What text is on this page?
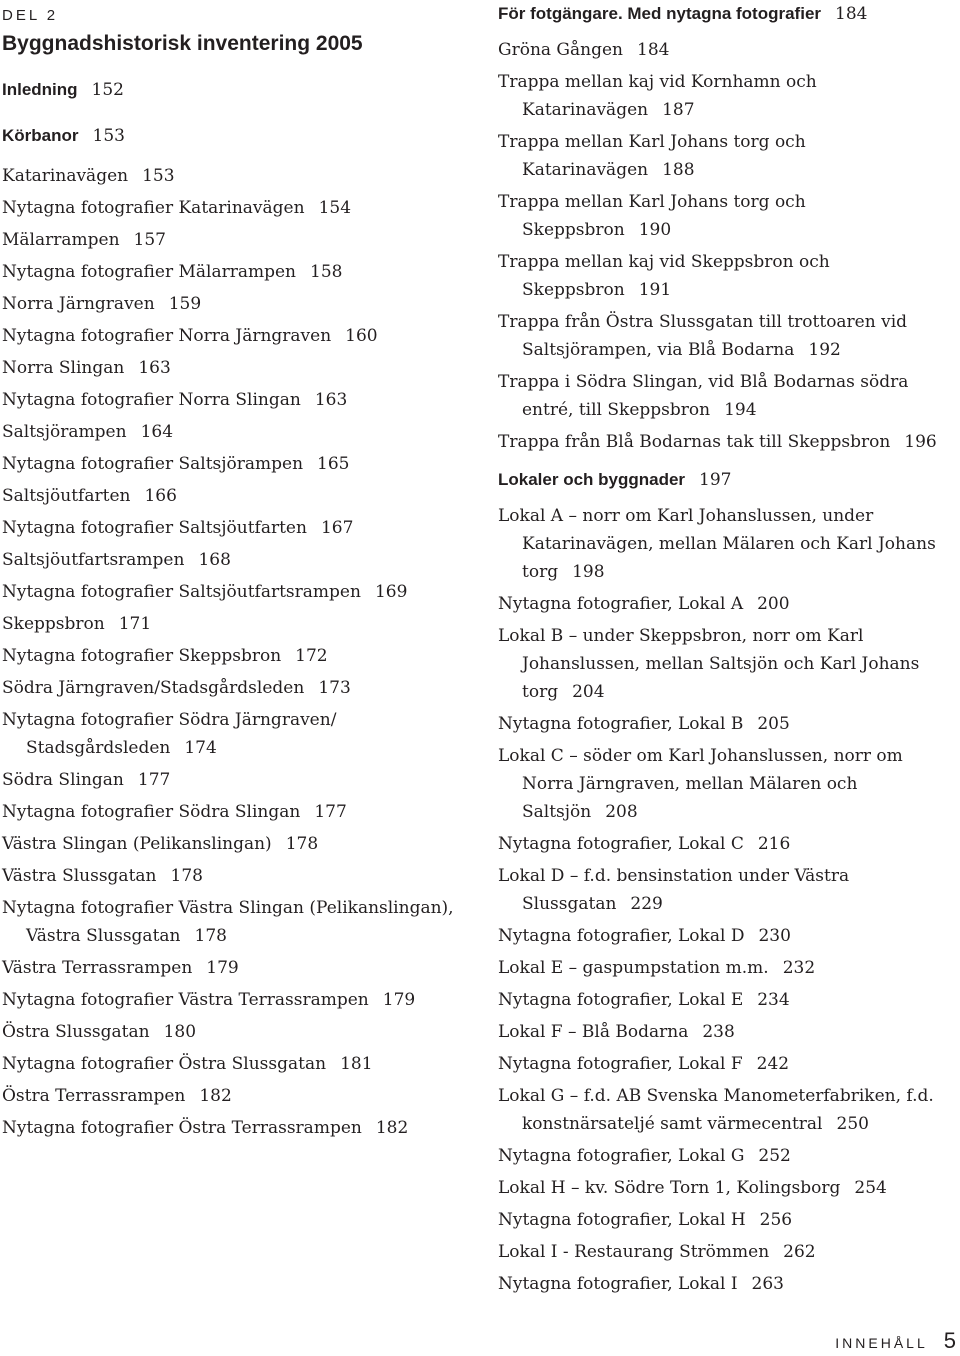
DEL 2
Byggnadshistorisk inventering 2005
Inledning 152
Körbanor 153
Katarinavägen 153
Nytagna fotografier Katarinavägen 154
Mälarrampen 157
Nytagna fotografier Mälarrampen 158
Norra Järngraven 159
Nytagna fotografier Norra Järngraven 160
Norra Slingan 163
Nytagna fotografier Norra Slingan 163
Saltsjörampen 164
Nytagna fotografier Saltsjörampen 165
Saltsjöutfarten 166
Nytagna fotografier Saltsjöutfarten 167
Saltsjöutfartsrampen 168
Nytagna fotografier Saltsjöutfartsrampen 169
Skeppsbron 171
Nytagna fotografier Skeppsbron 172
Södra Järngraven/Stadsgårdsleden 173
Nytagna fotografier Södra Järngraven/ Stadsgårdsleden 174
Södra Slingan 177
Nytagna fotografier Södra Slingan 177
Västra Slingan (Pelikanslingan) 178
Västra Slussgatan 178
Nytagna fotografier Västra Slingan (Pelikanslingan), Västra Slussgatan 178
Västra Terrassrampen 179
Nytagna fotografier Västra Terrassrampen 179
Östra Slussgatan 180
Nytagna fotografier Östra Slussgatan 181
Östra Terrassrampen 182
Nytagna fotografier Östra Terrassrampen 182
För fotgängare. Med nytagna fotografier 184
Gröna Gången 184
Trappa mellan kaj vid Kornhamn och Katarinavägen 187
Trappa mellan Karl Johans torg och Katarinavägen 188
Trappa mellan Karl Johans torg och Skeppsbron 190
Trappa mellan kaj vid Skeppsbron och Skeppsbron 191
Trappa från Östra Slussgatan till trottoaren vid Saltsjörampen, via Blå Bodarna 192
Trappa i Södra Slingan, vid Blå Bodarnas södra entré, till Skeppsbron 194
Trappa från Blå Bodarnas tak till Skeppsbron 196
Lokaler och byggnader 197
Lokal A – norr om Karl Johanslussen, under Katarinavägen, mellan Mälaren och Karl Johans torg 198
Nytagna fotografier, Lokal A 200
Lokal B – under Skeppsbron, norr om Karl Johanslussen, mellan Saltsjön och Karl Johans torg 204
Nytagna fotografier, Lokal B 205
Lokal C – söder om Karl Johanslussen, norr om Norra Järngraven, mellan Mälaren och Saltsjön 208
Nytagna fotografier, Lokal C 216
Lokal D – f.d. bensinstation under Västra Slussgatan 229
Nytagna fotografier, Lokal D 230
Lokal E – gaspumpstation m.m. 232
Nytagna fotografier, Lokal E 234
Lokal F – Blå Bodarna 238
Nytagna fotografier, Lokal F 242
Lokal G – f.d. AB Svenska Manometerfabriken, f.d. konstnärsateljé samt värmecentral 250
Nytagna fotografier, Lokal G 252
Lokal H – kv. Södre Torn 1, Kolingsborg 254
Nytagna fotografier, Lokal H 256
Lokal I - Restaurang Strömmen 262
Nytagna fotografier, Lokal I 263
INNEHÅLL 5
